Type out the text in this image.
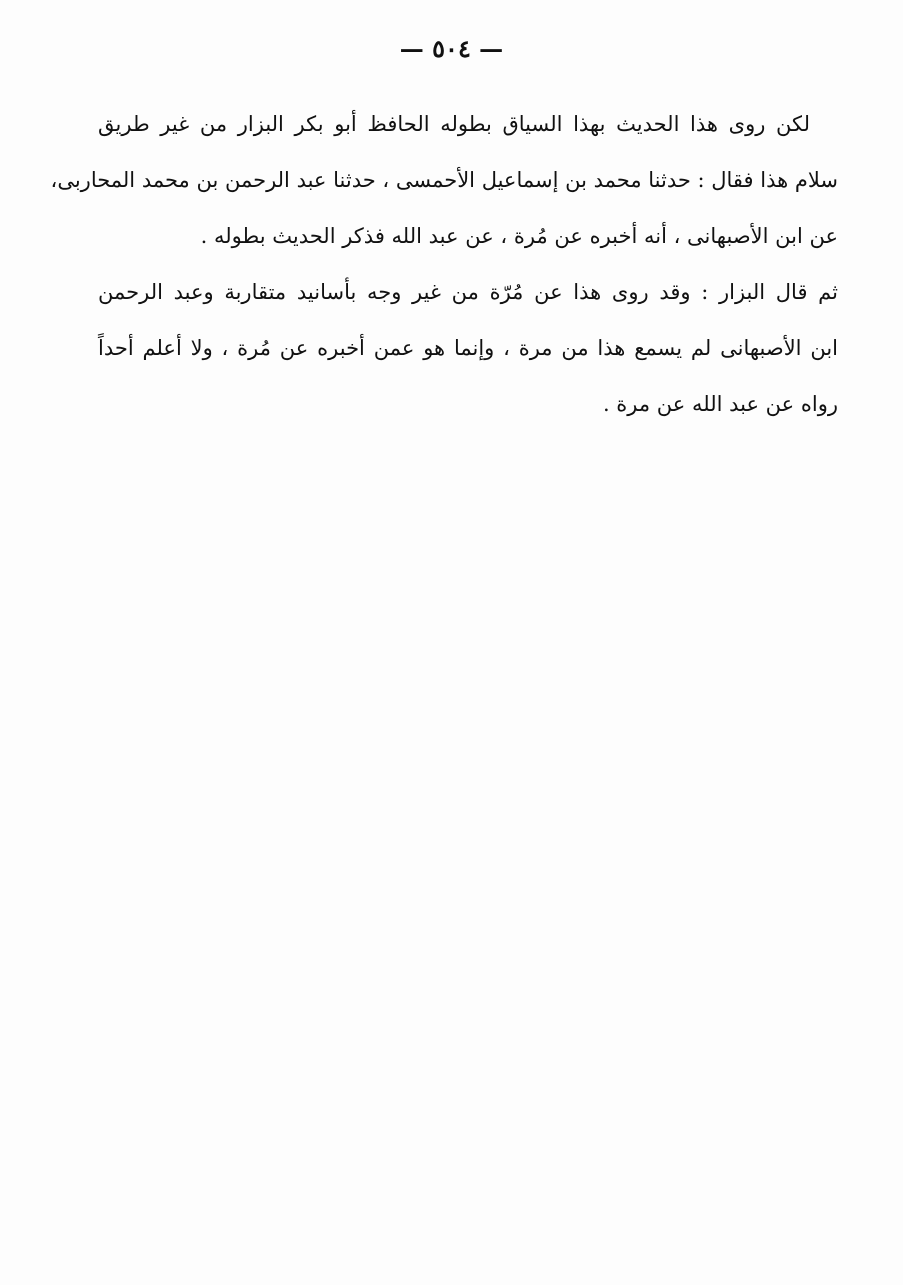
— ٥٠٤ —
لكن روى هذا الحديث بهذا السياق بطوله الحافظ أبو بكر البزار من غير طريق
سلام هذا فقال : حدثنا محمد بن إسماعيل الأحمسى ، حدثنا عبد الرحمن بن محمد المحاربى،
عن ابن الأصبهانى ، أنه أخبره عن مُرة ، عن عبد الله فذكر الحديث بطوله .
ثم قال البزار : وقد روى هذا عن مُرّة من غير وجه بأسانيد متقاربة وعبد الرحمن
ابن الأصبهانى لم يسمع هذا من مرة ، وإنما هو عمن أخبره عن مُرة ، ولا أعلم أحداً
رواه عن عبد الله عن مرة .
